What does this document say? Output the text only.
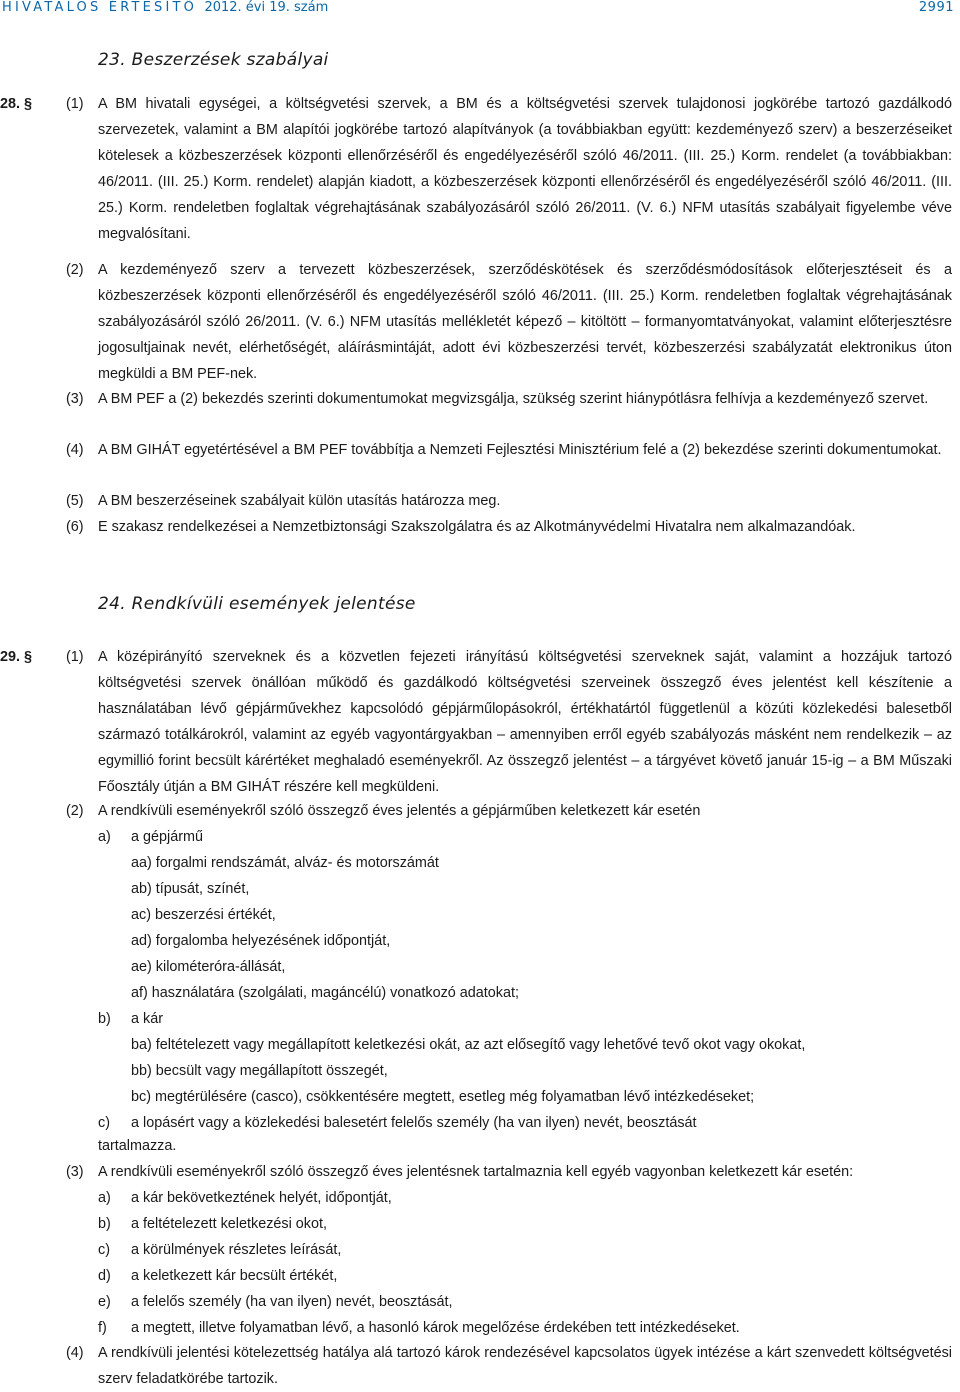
HIVATALOS ÉRTESÍTŐ 2012. évi 19. szám	2991
23. Beszerzések szabályai
28. § (1) A BM hivatali egységei, a költségvetési szervek, a BM és a költségvetési szervek tulajdonosi jogkörébe tartozó gazdálkodó szervezetek, valamint a BM alapítói jogkörébe tartozó alapítványok (a továbbiakban együtt: kezdeményező szerv) a beszerzéseiket kötelesek a közbeszerzések központi ellenőrzéséről és engedélyezéséről szóló 46/2011. (III. 25.) Korm. rendelet (a továbbiakban: 46/2011. (III. 25.) Korm. rendelet) alapján kiadott, a közbeszerzések központi ellenőrzéséről és engedélyezéséről szóló 46/2011. (III. 25.) Korm. rendeletben foglaltak végrehajtásának szabályozásáról szóló 26/2011. (V. 6.) NFM utasítás szabályait figyelembe véve megvalósítani.
(2) A kezdeményező szerv a tervezett közbeszerzések, szerződéskötések és szerződésmódosítások előterjesztéseit és a közbeszerzések központi ellenőrzéséről és engedélyezéséről szóló 46/2011. (III. 25.) Korm. rendeletben foglaltak végrehajtásának szabályozásáról szóló 26/2011. (V. 6.) NFM utasítás mellékletét képező – kitöltött – formanyomtatványokat, valamint előterjesztésre jogosultjainak nevét, elérhetőségét, aláírásmintáját, adott évi közbeszerzési tervét, közbeszerzési szabályzatát elektronikus úton megküldi a BM PEF-nek.
(3) A BM PEF a (2) bekezdés szerinti dokumentumokat megvizsgálja, szükség szerint hiánypótlásra felhívja a kezdeményező szervet.
(4) A BM GIHÁT egyetértésével a BM PEF továbbítja a Nemzeti Fejlesztési Minisztérium felé a (2) bekezdése szerinti dokumentumokat.
(5) A BM beszerzéseinek szabályait külön utasítás határozza meg.
(6) E szakasz rendelkezései a Nemzetbiztonsági Szakszolgálatra és az Alkotmányvédelmi Hivatalra nem alkalmazandóak.
24. Rendkívüli események jelentése
29. § (1) A középirányító szerveknek és a közvetlen fejezeti irányítású költségvetési szerveknek saját, valamint a hozzájuk tartozó költségvetési szervek önállóan működő és gazdálkodó költségvetési szerveinek összegző éves jelentést kell készítenie a használatában lévő gépjárművekhez kapcsolódó gépjárműlopásokról, értékhatártól függetlenül a közúti közlekedési balesetből származó totálkárokról, valamint az egyéb vagyontárgyakban – amennyiben erről egyéb szabályozás másként nem rendelkezik – az egymillió forint becsült kárértéket meghaladó eseményekről. Az összegző jelentést – a tárgyévet követő január 15-ig – a BM Műszaki Főosztály útján a BM GIHÁT részére kell megküldeni.
(2) A rendkívüli eseményekről szóló összegző éves jelentés a gépjárműben keletkezett kár esetén
a) a gépjármű
aa) forgalmi rendszámát, alváz- és motorszámát
ab) típusát, színét,
ac) beszerzési értékét,
ad) forgalomba helyezésének időpontját,
ae) kilométeróra-állását,
af) használatára (szolgálati, magáncélú) vonatkozó adatokat;
b) a kár
ba) feltételezett vagy megállapított keletkezési okát, az azt elősegítő vagy lehetővé tevő okot vagy okokat,
bb) becsült vagy megállapított összegét,
bc) megtérülésére (casco), csökkentésére megtett, esetleg még folyamatban lévő intézkedéseket;
c) a lopásért vagy a közlekedési balesetért felelős személy (ha van ilyen) nevét, beosztását
tartalmazza.
(3) A rendkívüli eseményekről szóló összegző éves jelentésnek tartalmaznia kell egyéb vagyonban keletkezett kár esetén:
a) a kár bekövetkeztének helyét, időpontját,
b) a feltételezett keletkezési okot,
c) a körülmények részletes leírását,
d) a keletkezett kár becsült értékét,
e) a felelős személy (ha van ilyen) nevét, beosztását,
f) a megtett, illetve folyamatban lévő, a hasonló károk megelőzése érdekében tett intézkedéseket.
(4) A rendkívüli jelentési kötelezettség hatálya alá tartozó károk rendezésével kapcsolatos ügyek intézése a kárt szenvedett költségvetési szerv feladatkörébe tartozik.
